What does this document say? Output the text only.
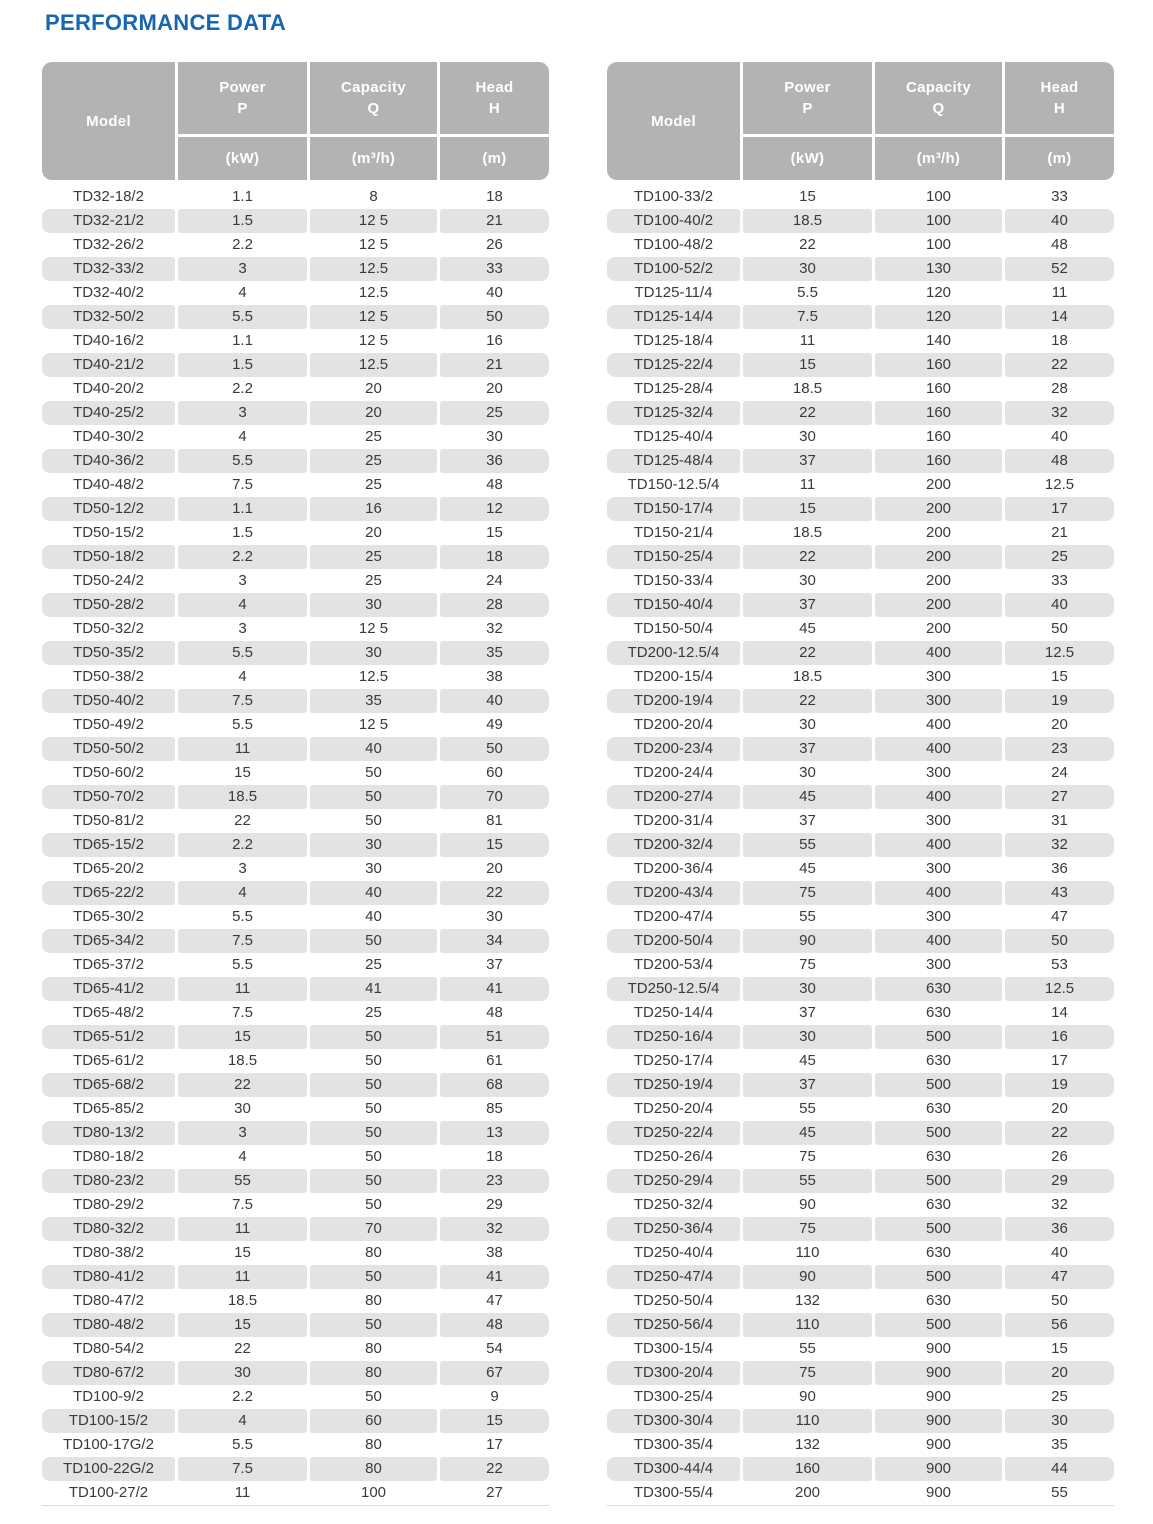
PERFORMANCE DATA
Model
Power
P
Capacity
Q
Head
H
(kW)	(m³/h)	(m)
TD32-18/2	1.1	8	18
TD32-21/2	1.5	12 5	21
TD32-26/2	2.2	12 5	26
TD32-33/2	3	12.5	33
TD32-40/2	4	12.5	40
TD32-50/2	5.5	12 5	50
TD40-16/2	1.1	12 5	16
TD40-21/2	1.5	12.5	21
TD40-20/2	2.2	20	20
TD40-25/2	3	20	25
TD40-30/2	4	25	30
TD40-36/2	5.5	25	36
TD40-48/2	7.5	25	48
TD50-12/2	1.1	16	12
TD50-15/2	1.5	20	15
TD50-18/2	2.2	25	18
TD50-24/2	3	25	24
TD50-28/2	4	30	28
TD50-32/2	3	12 5	32
TD50-35/2	5.5	30	35
TD50-38/2	4	12.5	38
TD50-40/2	7.5	35	40
TD50-49/2	5.5	12 5	49
TD50-50/2	11	40	50
TD50-60/2	15	50	60
TD50-70/2	18.5	50	70
TD50-81/2	22	50	81
TD65-15/2	2.2	30	15
TD65-20/2	3	30	20
TD65-22/2	4	40	22
TD65-30/2	5.5	40	30
TD65-34/2	7.5	50	34
TD65-37/2	5.5	25	37
TD65-41/2	11	41	41
TD65-48/2	7.5	25	48
TD65-51/2	15	50	51
TD65-61/2	18.5	50	61
TD65-68/2	22	50	68
TD65-85/2	30	50	85
TD80-13/2	3	50	13
TD80-18/2	4	50	18
TD80-23/2	55	50	23
TD80-29/2	7.5	50	29
TD80-32/2	11	70	32
TD80-38/2	15	80	38
TD80-41/2	11	50	41
TD80-47/2	18.5	80	47
TD80-48/2	15	50	48
TD80-54/2	22	80	54
TD80-67/2	30	80	67
TD100-9/2	2.2	50	9
TD100-15/2	4	60	15
TD100-17G/2	5.5	80	17
TD100-22G/2	7.5	80	22
TD100-27/2	11	100	27
Model
Power
P
Capacity
Q
Head
H
(kW)	(m³/h)	(m)
TD100-33/2	15	100	33
TD100-40/2	18.5	100	40
TD100-48/2	22	100	48
TD100-52/2	30	130	52
TD125-11/4	5.5	120	11
TD125-14/4	7.5	120	14
TD125-18/4	11	140	18
TD125-22/4	15	160	22
TD125-28/4	18.5	160	28
TD125-32/4	22	160	32
TD125-40/4	30	160	40
TD125-48/4	37	160	48
TD150-12.5/4	11	200	12.5
TD150-17/4	15	200	17
TD150-21/4	18.5	200	21
TD150-25/4	22	200	25
TD150-33/4	30	200	33
TD150-40/4	37	200	40
TD150-50/4	45	200	50
TD200-12.5/4	22	400	12.5
TD200-15/4	18.5	300	15
TD200-19/4	22	300	19
TD200-20/4	30	400	20
TD200-23/4	37	400	23
TD200-24/4	30	300	24
TD200-27/4	45	400	27
TD200-31/4	37	300	31
TD200-32/4	55	400	32
TD200-36/4	45	300	36
TD200-43/4	75	400	43
TD200-47/4	55	300	47
TD200-50/4	90	400	50
TD200-53/4	75	300	53
TD250-12.5/4	30	630	12.5
TD250-14/4	37	630	14
TD250-16/4	30	500	16
TD250-17/4	45	630	17
TD250-19/4	37	500	19
TD250-20/4	55	630	20
TD250-22/4	45	500	22
TD250-26/4	75	630	26
TD250-29/4	55	500	29
TD250-32/4	90	630	32
TD250-36/4	75	500	36
TD250-40/4	110	630	40
TD250-47/4	90	500	47
TD250-50/4	132	630	50
TD250-56/4	110	500	56
TD300-15/4	55	900	15
TD300-20/4	75	900	20
TD300-25/4	90	900	25
TD300-30/4	110	900	30
TD300-35/4	132	900	35
TD300-44/4	160	900	44
TD300-55/4	200	900	55
